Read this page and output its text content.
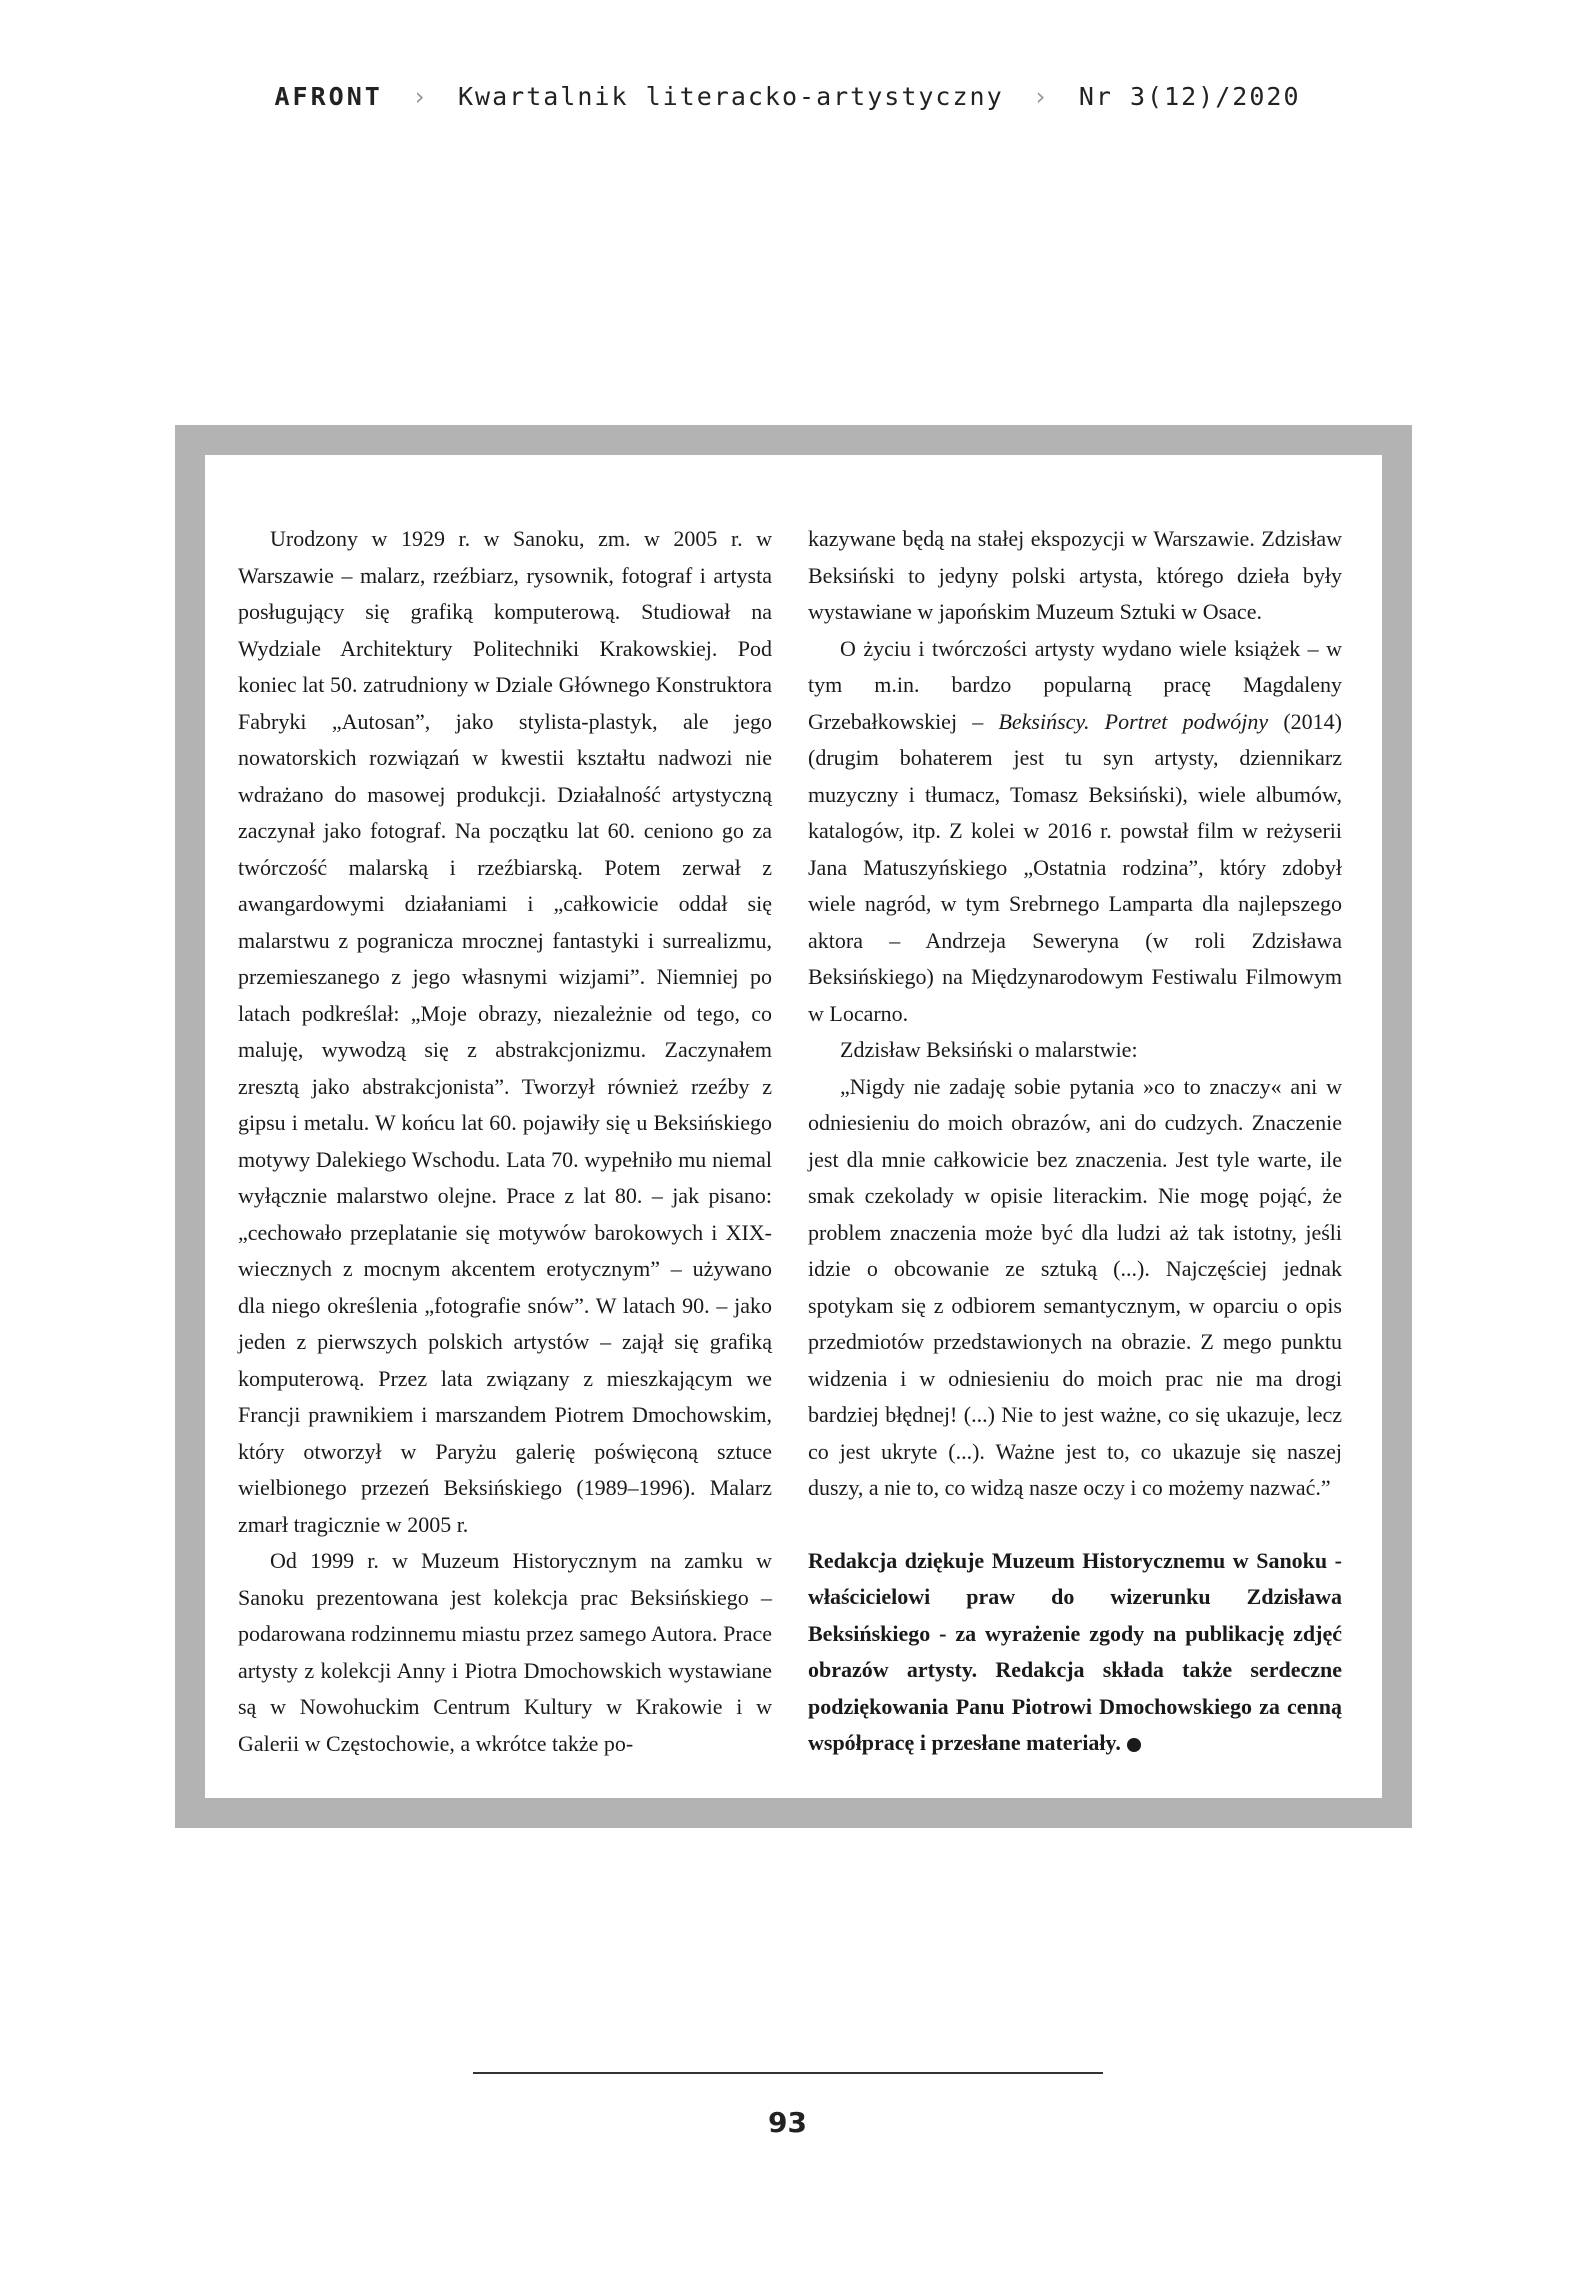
AFRONT › Kwartalnik literacko-artystyczny › Nr 3(12)/2020

Urodzony w 1929 r. w Sanoku, zm. w 2005 r. w Warszawie – malarz, rzeźbiarz, rysownik, fotograf i artysta posługujący się grafiką komputerową. Studiował na Wydziale Architektury Politechniki Krakowskiej. Pod koniec lat 50. zatrudniony w Dziale Głównego Konstruktora Fabryki „Autosan”, jako stylista-plastyk, ale jego nowatorskich rozwiązań w kwestii kształtu nadwozi nie wdrażano do masowej produkcji. Działalność artystyczną zaczynał jako fotograf. Na początku lat 60. ceniono go za twórczość malarską i rzeźbiarską. Potem zerwał z awangardowymi działaniami i „całkowicie oddał się malarstwu z pogranicza mrocznej fantastyki i surrealizmu, przemieszanego z jego własnymi wizjami”. Niemniej po latach podkreślał: „Moje obrazy, niezależnie od tego, co maluję, wywodzą się z abstrakcjonizmu. Zaczynałem zresztą jako abstrakcjonista”. Tworzył również rzeźby z gipsu i metalu. W końcu lat 60. pojawiły się u Beksińskiego motywy Dalekiego Wschodu. Lata 70. wypełniło mu niemal wyłącznie malarstwo olejne. Prace z lat 80. – jak pisano: „cechowało przeplatanie się motywów barokowych i XIX-wiecznych z mocnym akcentem erotycznym” – używano dla niego określenia „fotografie snów”. W latach 90. – jako jeden z pierwszych polskich artystów – zajął się grafiką komputerową. Przez lata związany z mieszkającym we Francji prawnikiem i marszandem Piotrem Dmochowskim, który otworzył w Paryżu galerię poświęconą sztuce wielbionego przezeń Beksińskiego (1989–1996). Malarz zmarł tragicznie w 2005 r.

Od 1999 r. w Muzeum Historycznym na zamku w Sanoku prezentowana jest kolekcja prac Beksińskiego – podarowana rodzinnemu miastu przez samego Autora. Prace artysty z kolekcji Anny i Piotra Dmochowskich wystawiane są w Nowohuckim Centrum Kultury w Krakowie i w Galerii w Częstochowie, a wkrótce także po-

kazywane będą na stałej ekspozycji w Warszawie. Zdzisław Beksiński to jedyny polski artysta, którego dzieła były wystawiane w japońskim Muzeum Sztuki w Osace.

O życiu i twórczości artysty wydano wiele książek – w tym m.in. bardzo popularną pracę Magdaleny Grzebałkowskiej – Beksińscy. Portret podwójny (2014) (drugim bohaterem jest tu syn artysty, dziennikarz muzyczny i tłumacz, Tomasz Beksiński), wiele albumów, katalogów, itp. Z kolei w 2016 r. powstał film w reżyserii Jana Matuszyńskiego „Ostatnia rodzina”, który zdobył wiele nagród, w tym Srebrnego Lamparta dla najlepszego aktora – Andrzeja Seweryna (w roli Zdzisława Beksińskiego) na Międzynarodowym Festiwalu Filmowym w Locarno.

Zdzisław Beksiński o malarstwie:

„Nigdy nie zadaję sobie pytania »co to znaczy« ani w odniesieniu do moich obrazów, ani do cudzych. Znaczenie jest dla mnie całkowicie bez znaczenia. Jest tyle warte, ile smak czekolady w opisie literackim. Nie mogę pojąć, że problem znaczenia może być dla ludzi aż tak istotny, jeśli idzie o obcowanie ze sztuką (...). Najczęściej jednak spotykam się z odbiorem semantycznym, w oparciu o opis przedmiotów przedstawionych na obrazie. Z mego punktu widzenia i w odniesieniu do moich prac nie ma drogi bardziej błędnej! (...) Nie to jest ważne, co się ukazuje, lecz co jest ukryte (...). Ważne jest to, co ukazuje się naszej duszy, a nie to, co widzą nasze oczy i co możemy nazwać.”

Redakcja dziękuje Muzeum Historycznemu w Sanoku - właścicielowi praw do wizerunku Zdzisława Beksińskiego - za wyrażenie zgody na publikację zdjęć obrazów artysty. Redakcja składa także serdeczne podziękowania Panu Piotrowi Dmochowskiego za cenną współpracę i przesłane materiały.

93
